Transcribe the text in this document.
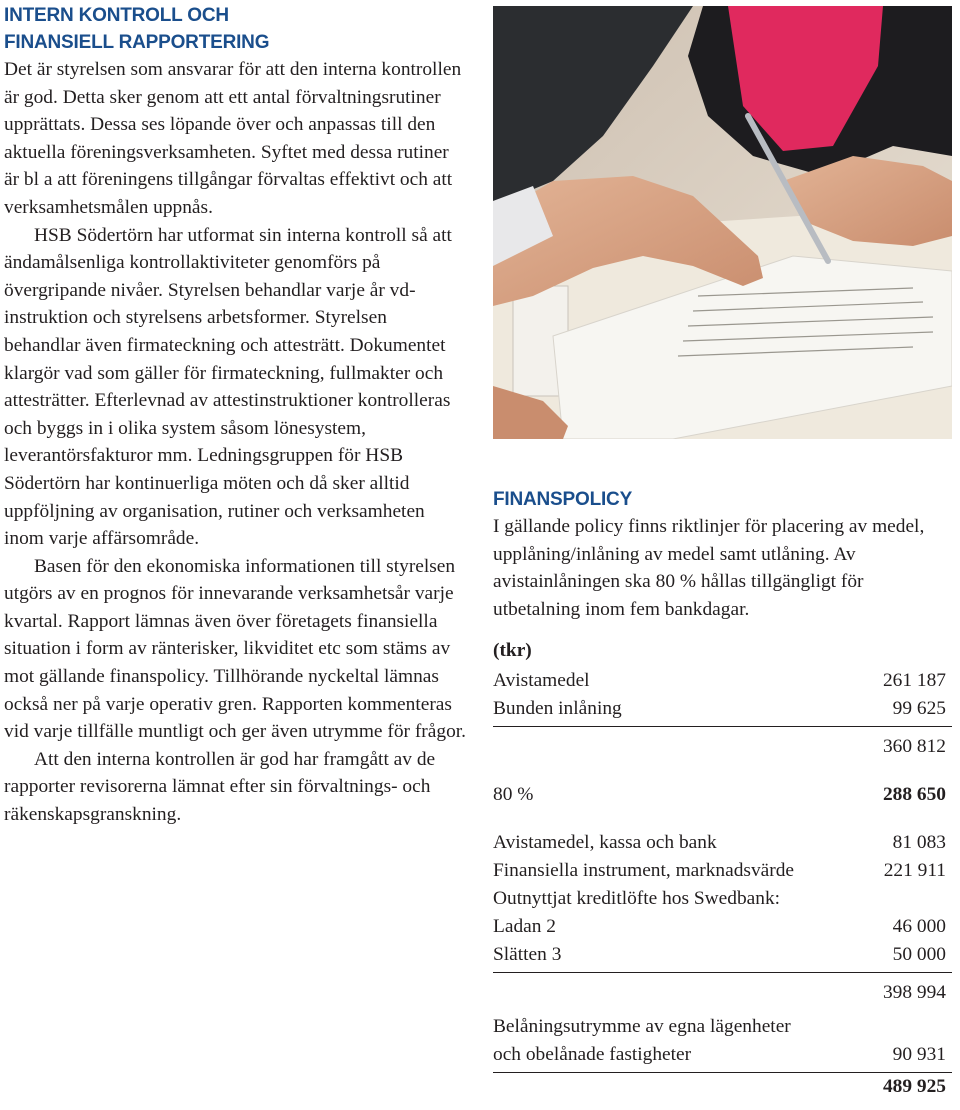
INTERN KONTROLL OCH
FINANSIELL RAPPORTERING

Det är styrelsen som ansvarar för att den interna kontrollen är god. Detta sker genom att ett antal förvaltningsrutiner upprättats. Dessa ses löpande över och anpassas till den aktuella föreningsverksamheten. Syftet med dessa rutiner är bl a att föreningens tillgångar förvaltas effektivt och att verksamhetsmålen uppnås.

HSB Södertörn har utformat sin interna kontroll så att ändamålsenliga kontrollaktiviteter genomförs på övergripande nivåer. Styrelsen behandlar varje år vd-instruktion och styrelsens arbetsformer. Styrelsen behandlar även firmateckning och attesträtt. Dokumentet klargör vad som gäller för firmateckning, fullmakter och attesträtter. Efterlevnad av attestinstruktioner kontrolleras och byggs in i olika system såsom lönesystem, leverantörsfakturor mm. Ledningsgruppen för HSB Södertörn har kontinuerliga möten och då sker alltid uppföljning av organisation, rutiner och verksamheten inom varje affärsområde.

Basen för den ekonomiska informationen till styrelsen utgörs av en prognos för innevarande verksamhetsår varje kvartal. Rapport lämnas även över företagets finansiella situation i form av ränterisker, likviditet etc som stäms av mot gällande finanspolicy. Tillhörande nyckeltal lämnas också ner på varje operativ gren. Rapporten kommenteras vid varje tillfälle muntligt och ger även utrymme för frågor.

Att den interna kontrollen är god har framgått av de rapporter revisorerna lämnat efter sin förvaltnings- och räkenskapsgranskning.

FINANSPOLICY
I gällande policy finns riktlinjer för placering av medel, upplåning/inlåning av medel samt utlåning. Av avistainlåningen ska 80 % hållas tillgängligt för utbetalning inom fem bankdagar.
(tkr)
Avistamedel	261 187
Bunden inlåning	99 625
360 812
80 %	288 650
Avistamedel, kassa och bank	81 083
Finansiella instrument, marknadsvärde	221 911
Outnyttjat kreditlöfte hos Swedbank:
Ladan 2	46 000
Slätten 3	50 000
398 994
Belåningsutrymme av egna lägenheter
och obelånade fastigheter	90 931
489 925
